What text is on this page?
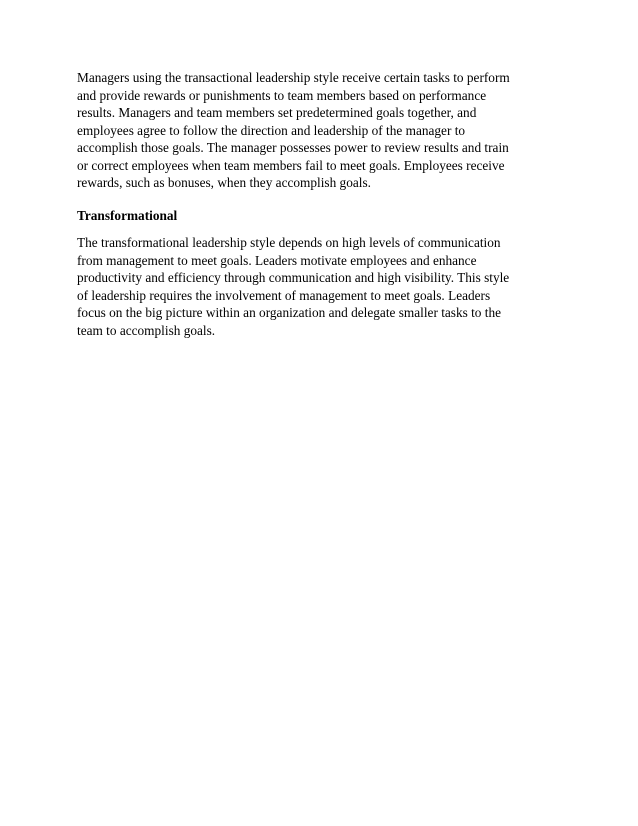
Managers using the transactional leadership style receive certain tasks to perform
and provide rewards or punishments to team members based on performance
results. Managers and team members set predetermined goals together, and
employees agree to follow the direction and leadership of the manager to
accomplish those goals. The manager possesses power to review results and train
or correct employees when team members fail to meet goals. Employees receive
rewards, such as bonuses, when they accomplish goals.

Transformational

The transformational leadership style depends on high levels of communication
from management to meet goals. Leaders motivate employees and enhance
productivity and efficiency through communication and high visibility. This style
of leadership requires the involvement of management to meet goals. Leaders
focus on the big picture within an organization and delegate smaller tasks to the
team to accomplish goals.
